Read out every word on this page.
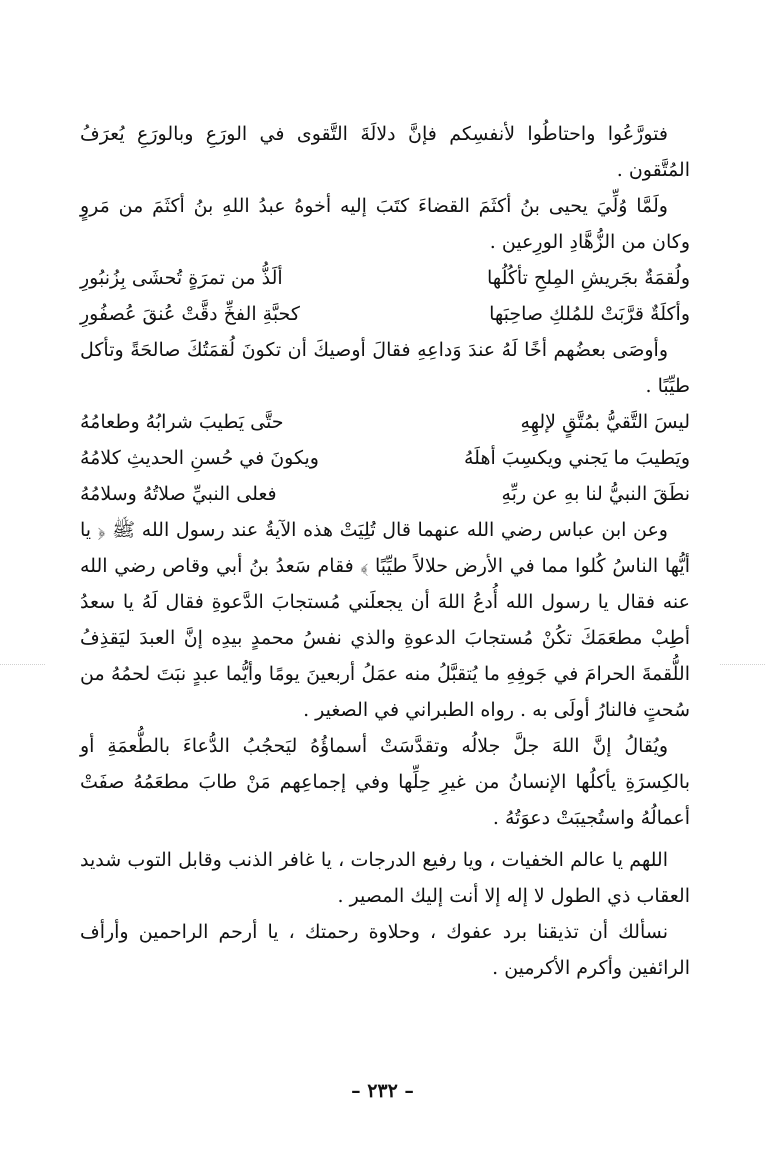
فتورَّعُوا واحتاطُوا لأنفسِكم فإنَّ دلالَةَ التَّقوى في الورَعِ وبالورَعِ يُعرَفُ المُتَّقون .

ولَمَّا وُلِّيَ يحيى بنُ أكثَمَ القضاءَ كتَبَ إليه أخوهُ عبدُ اللهِ بنُ أكثَمَ من مَروٍ وكان من الزُّهَّادِ الورِعين .

ولُقمَةٌ بجَريشِ المِلحِ تأكُلُها
ألَذُّ من تمرَةٍ تُحشَى بِزُنبُورِ
وأكلَةٌ قرَّبَتْ للمُلكِ صاحِبَها
كحبَّةِ الفخِّ دقَّتْ عُنقَ عُصفُورِ

وأوصَى بعضُهم أخًا لَهُ عندَ وَداعِهِ فقالَ أوصيكَ أن تكونَ لُقمَتُكَ صالحَةً وتأكل طيِّبًا .

ليسَ التَّقيُّ بمُتَّقٍ لإلهِهِ
حتَّى يَطيبَ شرابُهُ وطعامُهُ
ويَطيبَ ما يَجني ويكسِبَ أهلَهُ
ويكونَ في حُسنِ الحديثِ كلامُهُ
نطَقَ النبيُّ لنا بهِ عن ربِّهِ
فعلى النبيِّ صلاتُهُ وسلامُهُ

وعن ابن عباس رضي الله عنهما قال تُلِيَتْ هذه الآيةُ عند رسول الله ﷺ ﴿ يا أيُّها الناسُ كُلوا مما في الأرض حلالاً طيِّبًا ﴾ فقام سَعدُ بنُ أبي وقاص رضي الله عنه فقال يا رسول الله أُدعُ اللهَ أن يجعلَني مُستجابَ الدَّعوةِ فقال لَهُ يا سعدُ أطِبْ مطعَمَكَ تكُنْ مُستجابَ الدعوةِ والذي نفسُ محمدٍ بيدِه إنَّ العبدَ ليَقذِفُ اللُّقمةَ الحرامَ في جَوفِهِ ما يُتقبَّلُ منه عمَلُ أربعينَ يومًا وأيُّما عبدٍ نبَتَ لحمُهُ من سُحتٍ فالنارُ أولَى به . رواه الطبراني في الصغير .

ويُقالُ إنَّ اللهَ جلَّ جلالُه وتقدَّسَتْ أسماؤُهُ ليَحجُبُ الدُّعاءَ بالطُّعمَةِ أو بالكِسرَةِ يأكلُها الإنسانُ من غيرِ حِلِّها وفي إجماعِهم مَنْ طابَ مطعَمُهُ صفَتْ أعمالُهُ واستُجيبَتْ دعوَتُهُ .

اللهم يا عالم الخفيات ، ويا رفيع الدرجات ، يا غافر الذنب وقابل التوب شديد العقاب ذي الطول لا إله إلا أنت إليك المصير .

نسألك أن تذيقنا برد عفوك ، وحلاوة رحمتك ، يا أرحم الراحمين وأرأف الرائفين وأكرم الأكرمين .

– ٢٣٢ –
